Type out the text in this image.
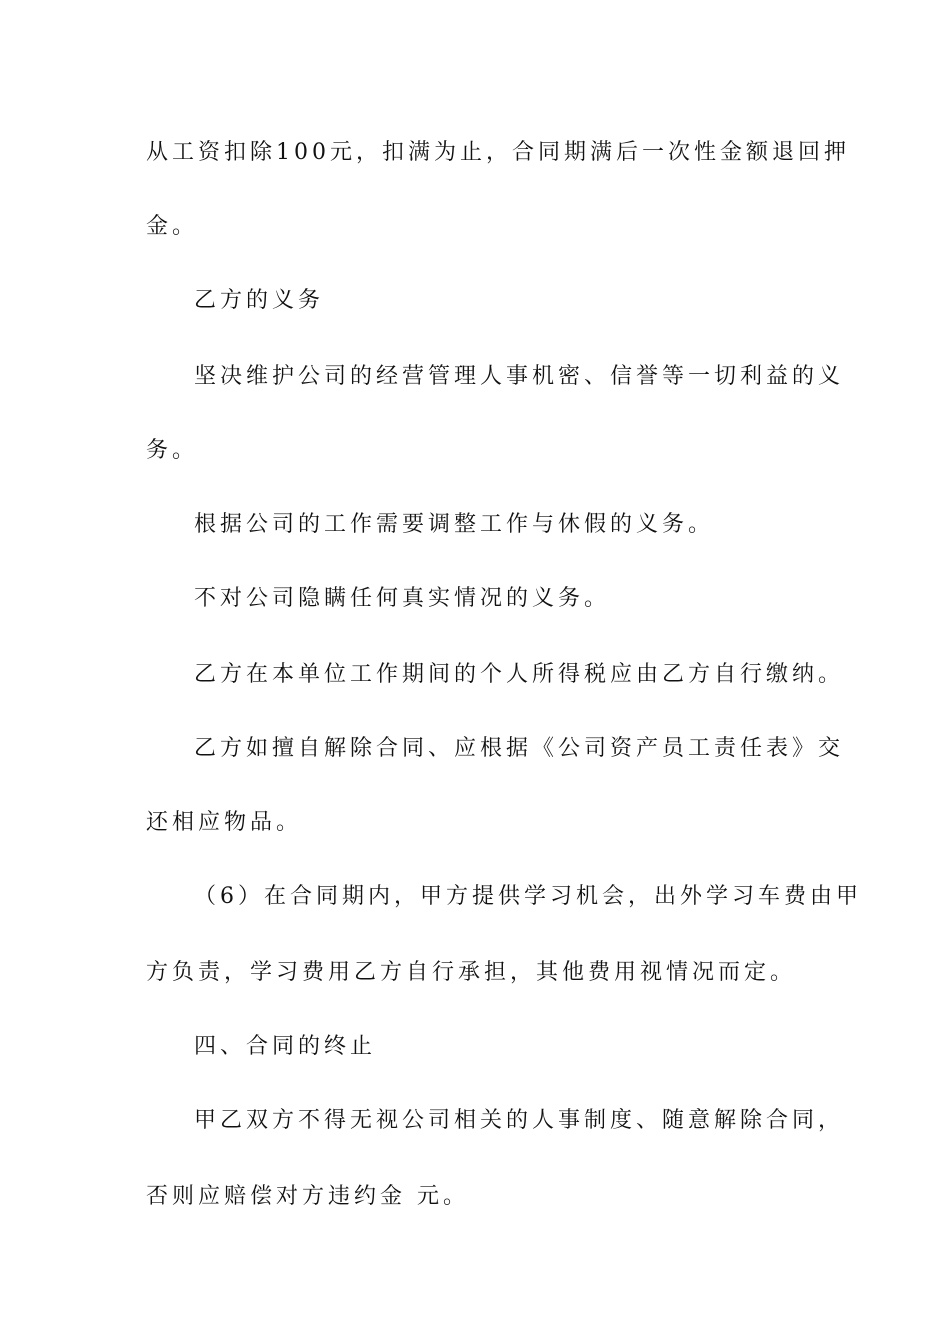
从工资扣除100元，扣满为止，合同期满后一次性金额退回押
金。
乙方的义务
坚决维护公司的经营管理人事机密、信誉等一切利益的义
务。
根据公司的工作需要调整工作与休假的义务。
不对公司隐瞒任何真实情况的义务。
乙方在本单位工作期间的个人所得税应由乙方自行缴纳。
乙方如擅自解除合同、应根据《公司资产员工责任表》交
还相应物品。
（6）在合同期内，甲方提供学习机会，出外学习车费由甲
方负责，学习费用乙方自行承担，其他费用视情况而定。
四、合同的终止
甲乙双方不得无视公司相关的人事制度、随意解除合同，
否则应赔偿对方违约金 元。
